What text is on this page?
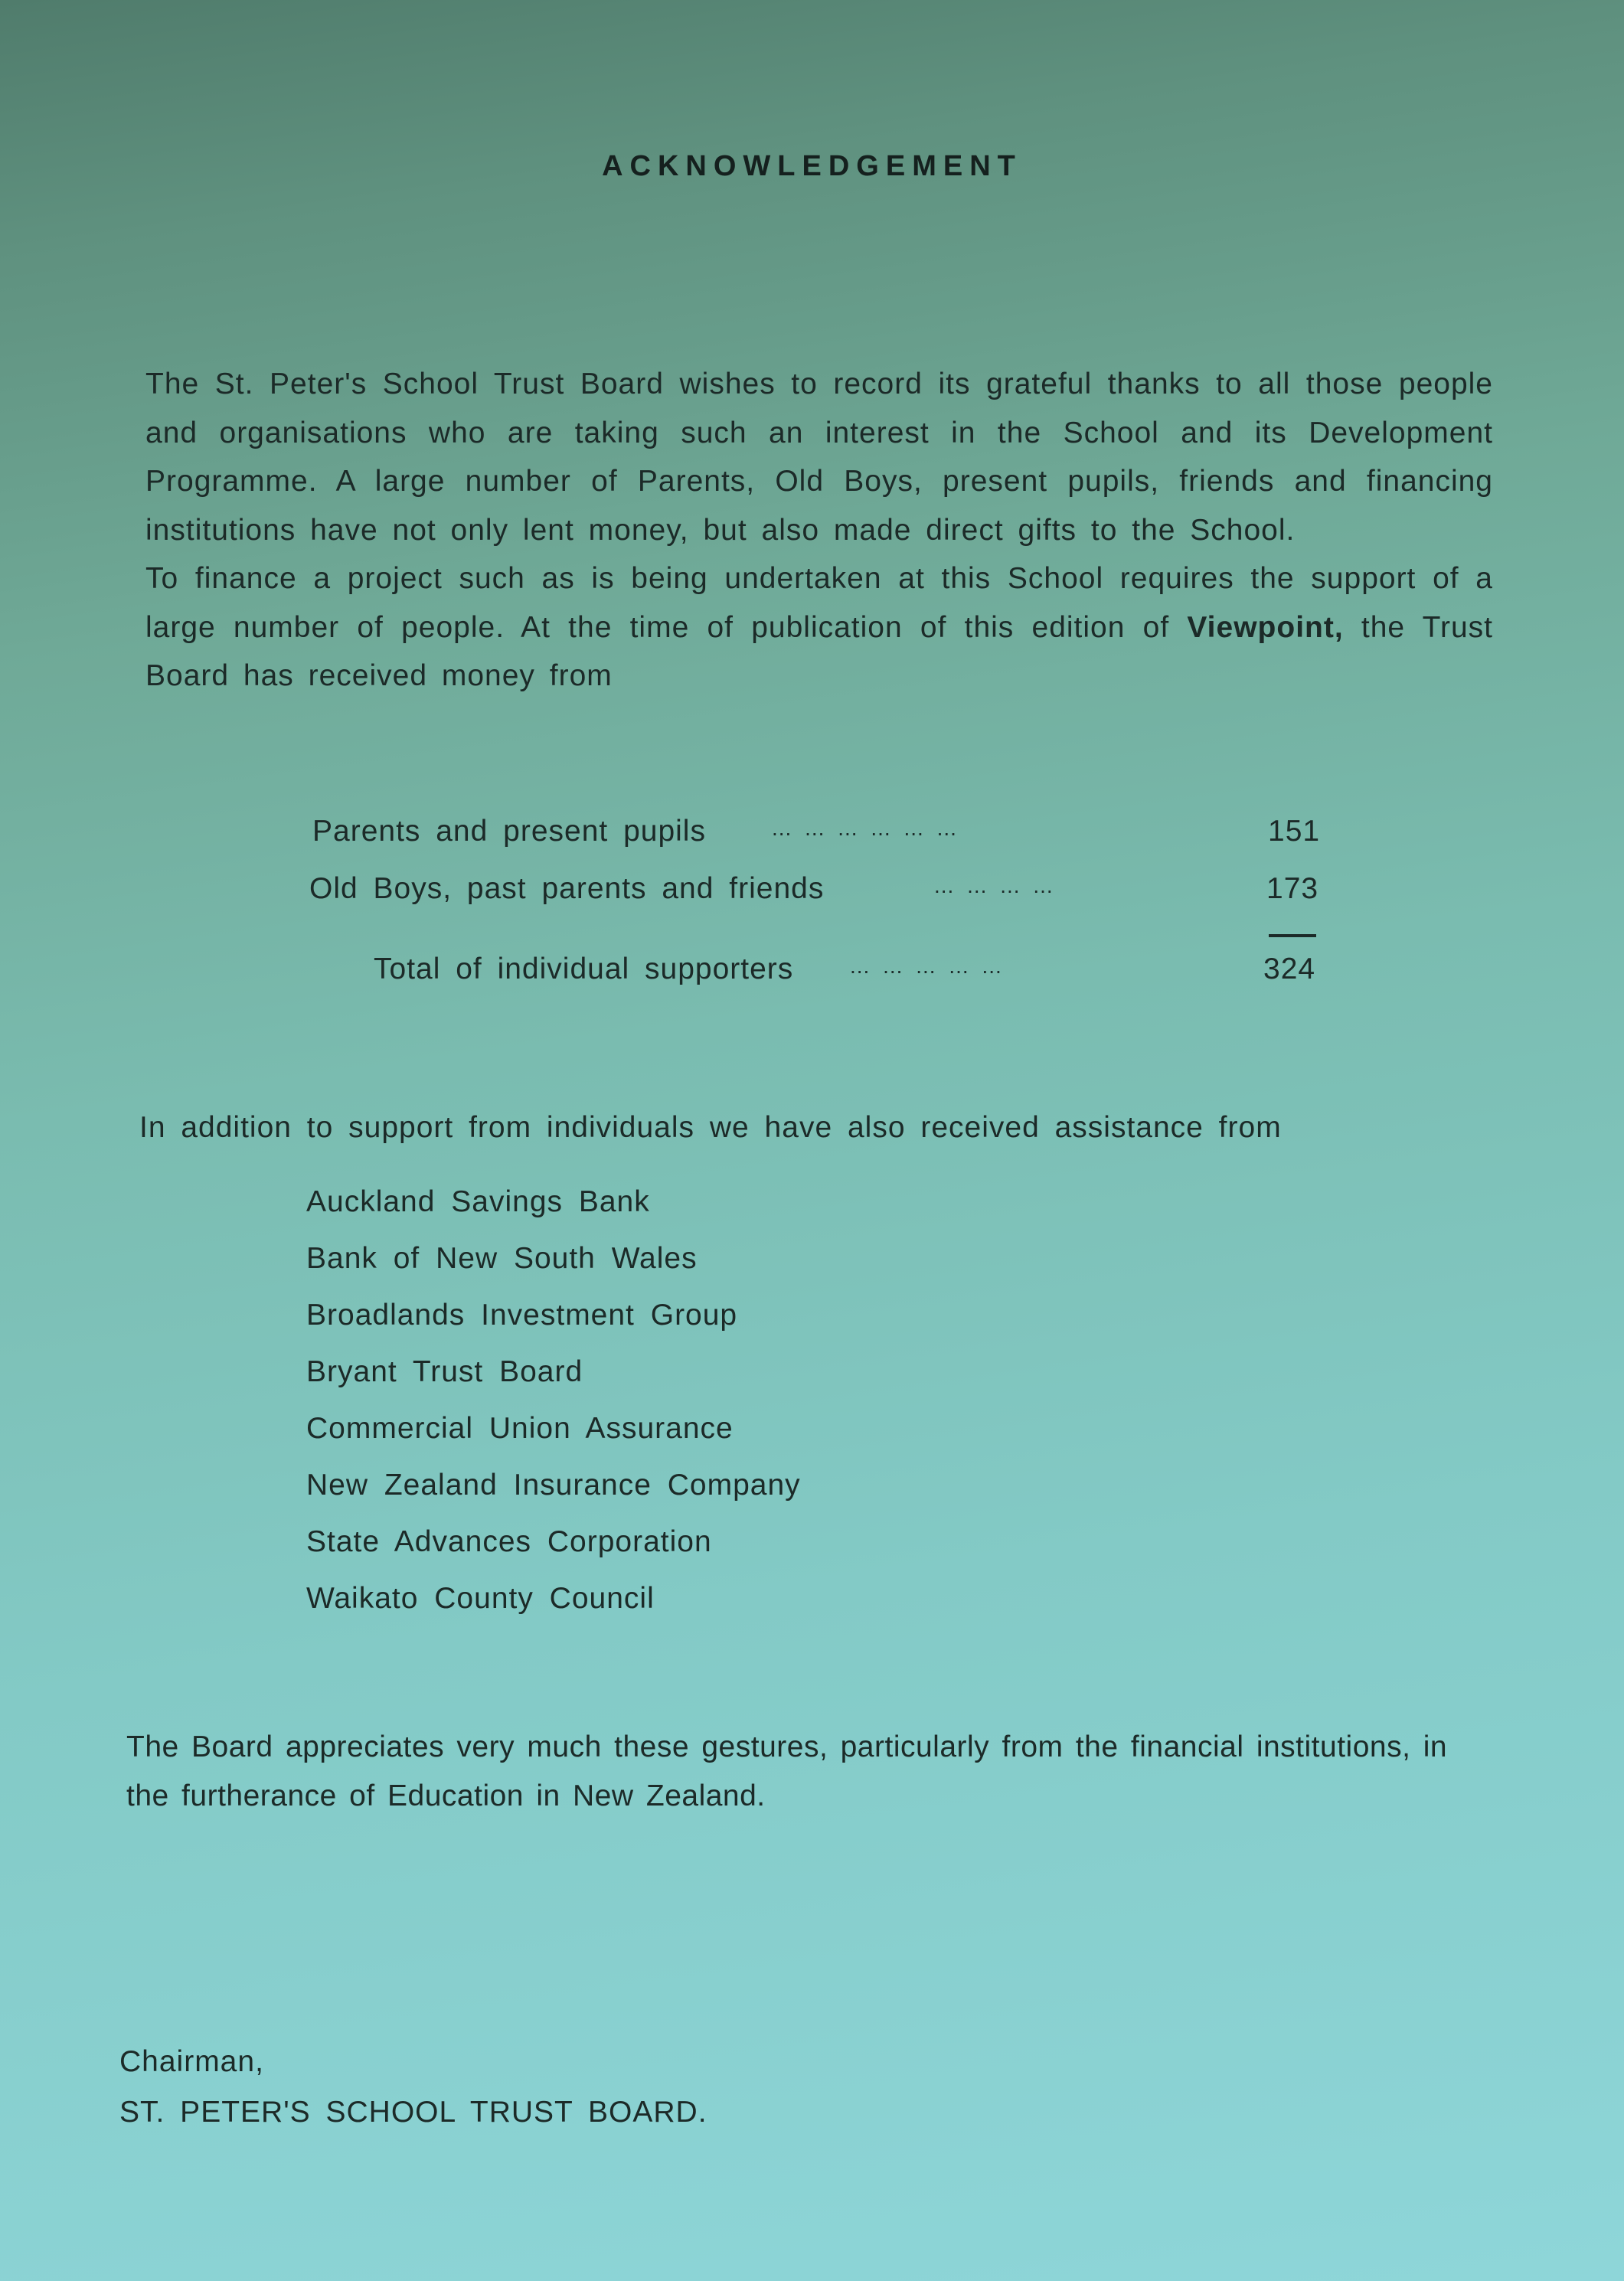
ACKNOWLEDGEMENT

The St. Peter's School Trust Board wishes to record its grateful thanks to all those people and organisations who are taking such an interest in the School and its Development Programme. A large number of Parents, Old Boys, present pupils, friends and financing institutions have not only lent money, but also made direct gifts to the School.

To finance a project such as is being undertaken at this School requires the support of a large number of people. At the time of publication of this edition of Viewpoint, the Trust Board has received money from

Parents and present pupils	... ... ... ... ... ...	151
Old Boys, past parents and friends	... ... ... ...	173
Total of individual supporters	... ... ... ... ...	324
In addition to support from individuals we have also received assistance from
Auckland Savings Bank
Bank of New South Wales
Broadlands Investment Group
Bryant Trust Board
Commercial Union Assurance
New Zealand Insurance Company
State Advances Corporation
Waikato County Council

The Board appreciates very much these gestures, particularly from the financial institutions, in the furtherance of Education in New Zealand.

Chairman,
ST. PETER'S SCHOOL TRUST BOARD.
